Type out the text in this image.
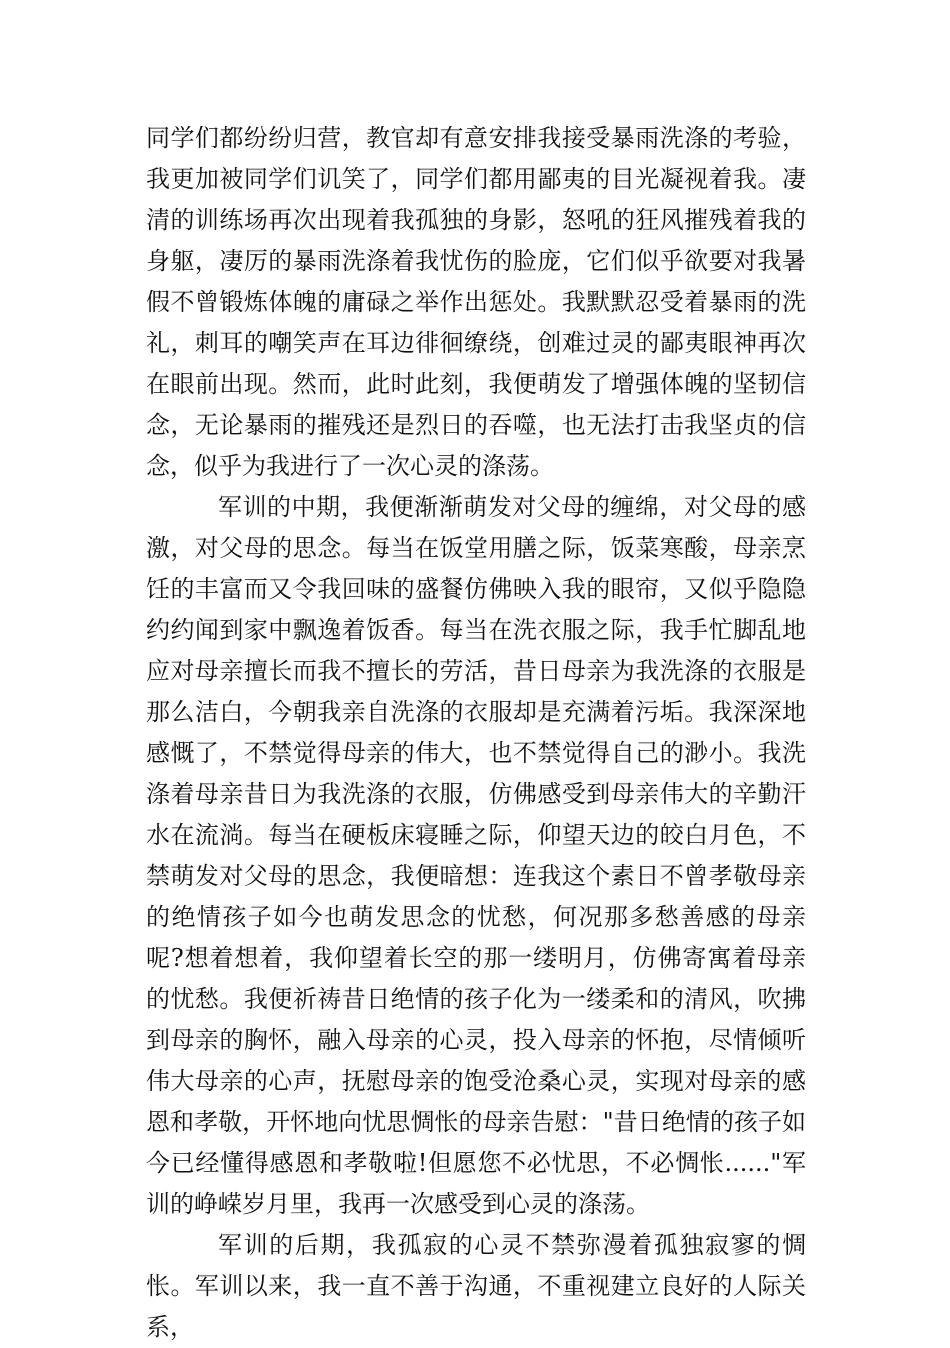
同学们都纷纷归营，教官却有意安排我接受暴雨洗涤的考验，我更加被同学们讥笑了，同学们都用鄙夷的目光凝视着我。凄清的训练场再次出现着我孤独的身影，怒吼的狂风摧残着我的身躯，凄厉的暴雨洗涤着我忧伤的脸庞，它们似乎欲要对我暑假不曾锻炼体魄的庸碌之举作出惩处。我默默忍受着暴雨的洗礼，刺耳的嘲笑声在耳边徘徊缭绕，创难过灵的鄙夷眼神再次在眼前出现。然而，此时此刻，我便萌发了增强体魄的坚韧信念，无论暴雨的摧残还是烈日的吞噬，也无法打击我坚贞的信念，似乎为我进行了一次心灵的涤荡。

军训的中期，我便渐渐萌发对父母的缠绵，对父母的感激，对父母的思念。每当在饭堂用膳之际，饭菜寒酸，母亲烹饪的丰富而又令我回味的盛餐仿佛映入我的眼帘，又似乎隐隐约约闻到家中飘逸着饭香。每当在洗衣服之际，我手忙脚乱地应对母亲擅长而我不擅长的劳活，昔日母亲为我洗涤的衣服是那么洁白，今朝我亲自洗涤的衣服却是充满着污垢。我深深地感慨了，不禁觉得母亲的伟大，也不禁觉得自己的渺小。我洗涤着母亲昔日为我洗涤的衣服，仿佛感受到母亲伟大的辛勤汗水在流淌。每当在硬板床寝睡之际，仰望天边的皎白月色，不禁萌发对父母的思念，我便暗想：连我这个素日不曾孝敬母亲的绝情孩子如今也萌发思念的忧愁，何况那多愁善感的母亲呢?想着想着，我仰望着长空的那一缕明月，仿佛寄寓着母亲的忧愁。我便祈祷昔日绝情的孩子化为一缕柔和的清风，吹拂到母亲的胸怀，融入母亲的心灵，投入母亲的怀抱，尽情倾听伟大母亲的心声，抚慰母亲的饱受沧桑心灵，实现对母亲的感恩和孝敬，开怀地向忧思惆怅的母亲告慰："昔日绝情的孩子如今已经懂得感恩和孝敬啦!但愿您不必忧思，不必惆怅......"军训的峥嵘岁月里，我再一次感受到心灵的涤荡。

军训的后期，我孤寂的心灵不禁弥漫着孤独寂寥的惆怅。军训以来，我一直不善于沟通，不重视建立良好的人际关系，
